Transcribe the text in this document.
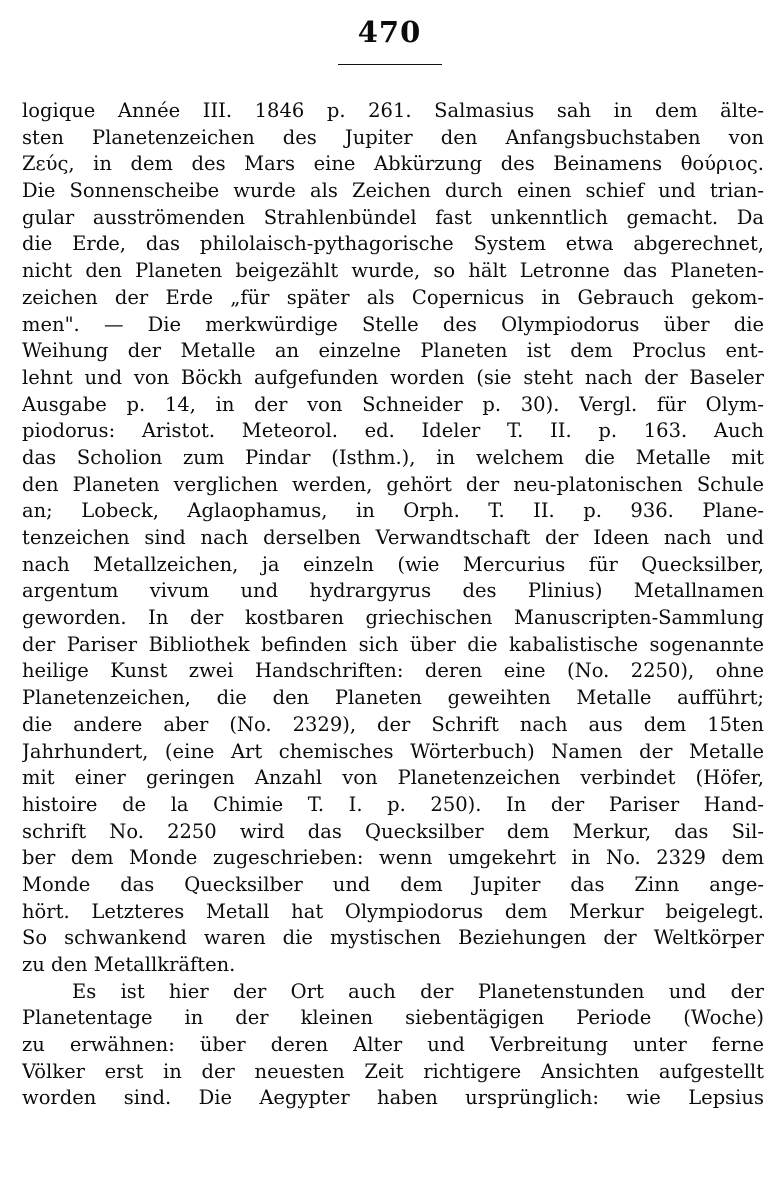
470
logique Année III. 1846 p. 261. Salmasius sah in dem älte-
sten Planetenzeichen des Jupiter den Anfangsbuchstaben von
Ζεύς, in dem des Mars eine Abkürzung des Beinamens θούριος.
Die Sonnenscheibe wurde als Zeichen durch einen schief und trian-
gular ausströmenden Strahlenbündel fast unkenntlich gemacht. Da
die Erde, das philolaisch-pythagorische System etwa abgerechnet,
nicht den Planeten beigezählt wurde, so hält Letronne das Planeten-
zeichen der Erde „für später als Copernicus in Gebrauch gekom-
men". — Die merkwürdige Stelle des Olympiodorus über die
Weihung der Metalle an einzelne Planeten ist dem Proclus ent-
lehnt und von Böckh aufgefunden worden (sie steht nach der Baseler
Ausgabe p. 14, in der von Schneider p. 30). Vergl. für Olym-
piodorus: Aristot. Meteorol. ed. Ideler T. II. p. 163. Auch
das Scholion zum Pindar (Isthm.), in welchem die Metalle mit
den Planeten verglichen werden, gehört der neu-platonischen Schule
an; Lobeck, Aglaophamus, in Orph. T. II. p. 936. Plane-
tenzeichen sind nach derselben Verwandtschaft der Ideen nach und
nach Metallzeichen, ja einzeln (wie Mercurius für Quecksilber,
argentum vivum und hydrargyrus des Plinius) Metallnamen
geworden. In der kostbaren griechischen Manuscripten-Sammlung
der Pariser Bibliothek befinden sich über die kabalistische sogenannte
heilige Kunst zwei Handschriften: deren eine (No. 2250), ohne
Planetenzeichen, die den Planeten geweihten Metalle aufführt;
die andere aber (No. 2329), der Schrift nach aus dem 15ten
Jahrhundert, (eine Art chemisches Wörterbuch) Namen der Metalle
mit einer geringen Anzahl von Planetenzeichen verbindet (Höfer,
histoire de la Chimie T. I. p. 250). In der Pariser Hand-
schrift No. 2250 wird das Quecksilber dem Merkur, das Sil-
ber dem Monde zugeschrieben: wenn umgekehrt in No. 2329 dem
Monde das Quecksilber und dem Jupiter das Zinn ange-
hört. Letzteres Metall hat Olympiodorus dem Merkur beigelegt.
So schwankend waren die mystischen Beziehungen der Weltkörper
zu den Metallkräften.
Es ist hier der Ort auch der Planetenstunden und der
Planetentage in der kleinen siebentägigen Periode (Woche)
zu erwähnen: über deren Alter und Verbreitung unter ferne
Völker erst in der neuesten Zeit richtigere Ansichten aufgestellt
worden sind. Die Aegypter haben ursprünglich: wie Lepsius
